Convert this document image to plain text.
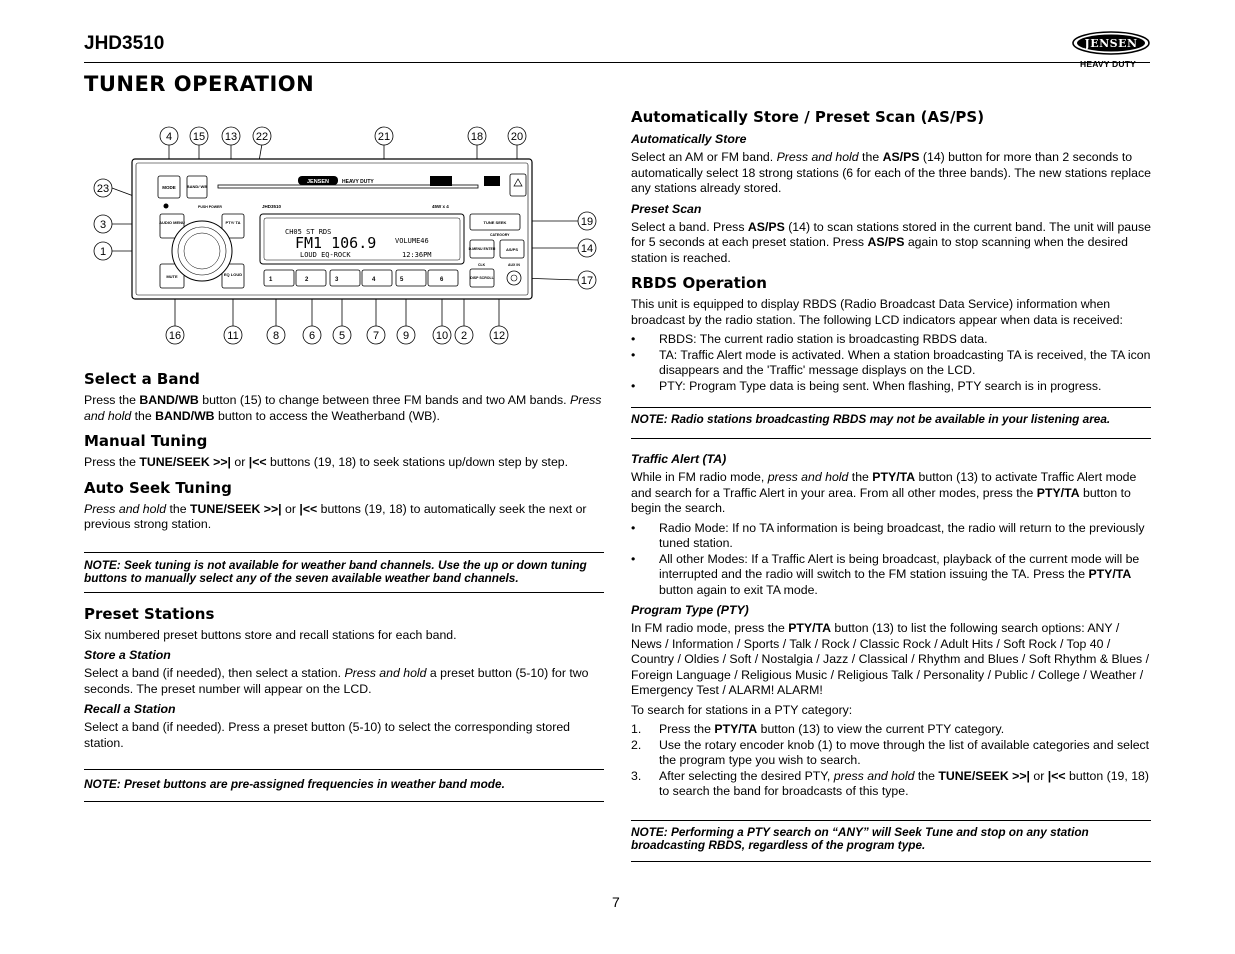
JHD3510	JENSEN
HEAVY DUTY
TUNER OPERATION
JENSEN	HEAVY DUTY
MODE	BAND/ WB
PUSH POWER
AUDIO MENU	PTY/ TA
MUTE	EQ LOUD
JHD3510	45W x 4
CH05 ST RDS
FM1 106.9	VOLUME46
LOUD EQ-ROCK	12:36PM
TUNE SEEK
CATEGORY
D-MENU ENTER	AS/PS
CLK	AUX IN
DISP SCROLL
1	2	3	4	5	6
4 15 13 22	21	18	20
23
3
1
19
14
17
16	11	8	6 5	7 9 10 2 12
Select a Band

Press the BAND/WB button (15) to change between three FM bands and two AM bands. Press and hold the BAND/WB button to access the Weatherband (WB).

Manual Tuning

Press the TUNE/SEEK >>| or |<< buttons (19, 18) to seek stations up/down step by step.

Auto Seek Tuning

Press and hold the TUNE/SEEK >>| or |<< buttons (19, 18) to automatically seek the next or previous strong station.

NOTE: Seek tuning is not available for weather band channels. Use the up or down tuning buttons to manually select any of the seven available weather band channels.
Preset Stations

Six numbered preset buttons store and recall stations for each band.

Store a Station

Select a band (if needed), then select a station. Press and hold a preset button (5-10) for two seconds. The preset number will appear on the LCD.

Recall a Station

Select a band (if needed). Press a preset button (5-10) to select the corresponding stored station.

NOTE: Preset buttons are pre-assigned frequencies in weather band mode.
Automatically Store / Preset Scan (AS/PS)
Automatically Store

Select an AM or FM band. Press and hold the AS/PS (14) button for more than 2 seconds to automatically select 18 strong stations (6 for each of the three bands). The new stations replace any stations already stored.

Preset Scan

Select a band. Press AS/PS (14) to scan stations stored in the current band. The unit will pause for 5 seconds at each preset station. Press AS/PS again to stop scanning when the desired station is reached.

RBDS Operation

This unit is equipped to display RBDS (Radio Broadcast Data Service) information when broadcast by the radio station. The following LCD indicators appear when data is received:

• RBDS: The current radio station is broadcasting RBDS data.
• TA: Traffic Alert mode is activated. When a station broadcasting TA is received, the TA icon disappears and the 'Traffic' message displays on the LCD.
• PTY: Program Type data is being sent. When flashing, PTY search is in progress.
NOTE: Radio stations broadcasting RBDS may not be available in your listening area.
Traffic Alert (TA)

While in FM radio mode, press and hold the PTY/TA button (13) to activate Traffic Alert mode and search for a Traffic Alert in your area. From all other modes, press the PTY/TA button to begin the search.

• Radio Mode: If no TA information is being broadcast, the radio will return to the previously tuned station.
• All other Modes: If a Traffic Alert is being broadcast, playback of the current mode will be interrupted and the radio will switch to the FM station issuing the TA. Press the PTY/TA button again to exit TA mode.
Program Type (PTY)

In FM radio mode, press the PTY/TA button (13) to list the following search options: ANY / News / Information / Sports / Talk / Rock / Classic Rock / Adult Hits / Soft Rock / Top 40 / Country / Oldies / Soft / Nostalgia / Jazz / Classical / Rhythm and Blues / Soft Rhythm & Blues / Foreign Language / Religious Music / Religious Talk / Personality / Public / College / Weather / Emergency Test / ALARM! ALARM!

To search for stations in a PTY category:

1. Press the PTY/TA button (13) to view the current PTY category.
2. Use the rotary encoder knob (1) to move through the list of available categories and select the program type you wish to search.
3. After selecting the desired PTY, press and hold the TUNE/SEEK >>| or |<< button (19, 18) to search the band for broadcasts of this type.
NOTE: Performing a PTY search on “ANY” will Seek Tune and stop on any station broadcasting RBDS, regardless of the program type.
7
